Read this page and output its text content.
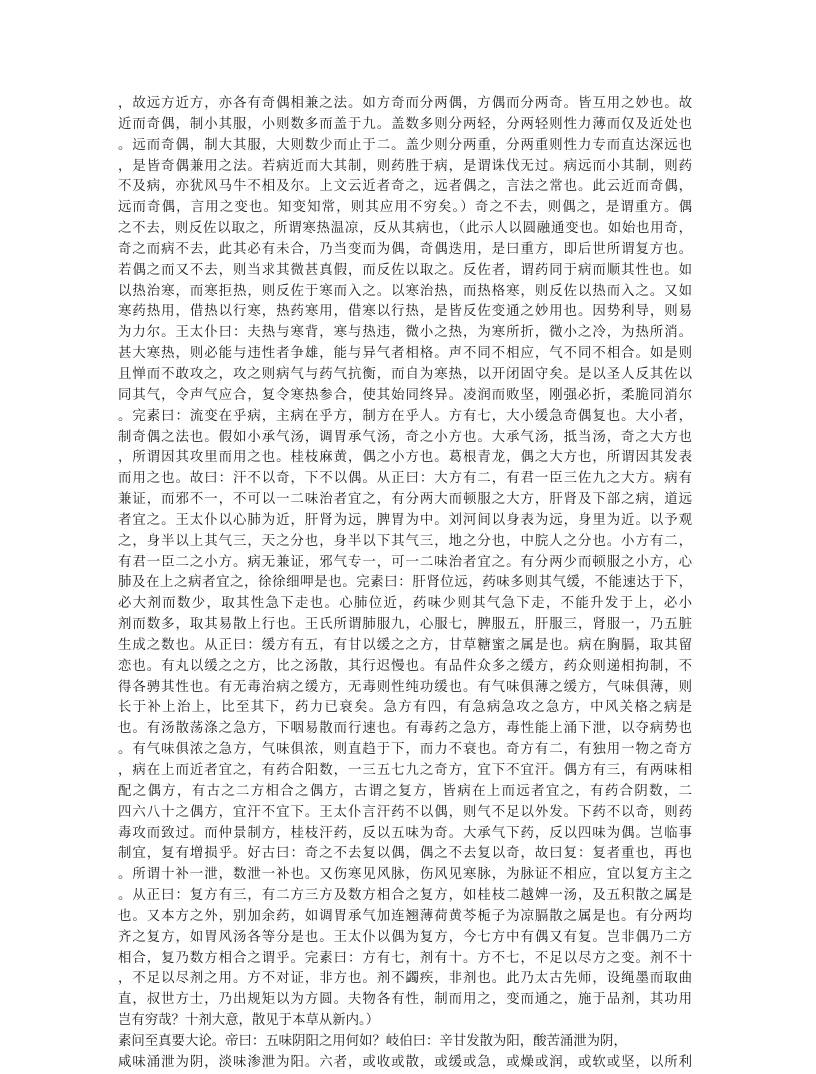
，故远方近方，亦各有奇偶相兼之法。如方奇而分两偶，方偶而分两奇。皆互用之妙也。故
近而奇偶，制小其服，小则数多而盖于九。盖数多则分两轻，分两轻则性力薄而仅及近处也
。远而奇偶，制大其服，大则数少而止于二。盖少则分两重，分两重则性力专而直达深远也
，是皆奇偶兼用之法。若病近而大其制，则药胜于病，是谓诛伐无过。病远而小其制，则药
不及病，亦犹风马牛不相及尔。上文云近者奇之，远者偶之，言法之常也。此云近而奇偶，
远而奇偶，言用之变也。知变知常，则其应用不穷矣。）奇之不去，则偶之，是谓重方。偶
之不去，则反佐以取之，所谓寒热温凉，反从其病也，（此示人以圆融通变也。如始也用奇，
奇之而病不去，此其必有未合，乃当变而为偶，奇偶迭用，是曰重方，即后世所谓复方也。
若偶之而又不去，则当求其微甚真假，而反佐以取之。反佐者，谓药同于病而顺其性也。如
以热治寒，而寒拒热，则反佐于寒而入之。以寒治热，而热格寒，则反佐以热而入之。又如
寒药热用，借热以行寒，热药寒用，借寒以行热，是皆反佐变通之妙用也。因势利导，则易
为力尔。王太仆曰：夫热与寒背，寒与热违，微小之热，为寒所折，微小之冷，为热所消。
甚大寒热，则必能与违性者争雄，能与异气者相格。声不同不相应，气不同不相合。如是则
且惮而不敢攻之，攻之则病气与药气抗衡，而自为寒热，以开闭固守矣。是以圣人反其佐以
同其气，令声气应合，复令寒热参合，使其始同终异。凌润而败坚，刚强必折，柔脆同消尔
。完素曰：流变在乎病，主病在乎方，制方在乎人。方有七，大小缓急奇偶复也。大小者，
制奇偶之法也。假如小承气汤，调胃承气汤，奇之小方也。大承气汤，抵当汤，奇之大方也
，所谓因其攻里而用之也。桂枝麻黄，偶之小方也。葛根青龙，偶之大方也，所谓因其发表
而用之也。故曰：汗不以奇，下不以偶。从正曰：大方有二，有君一臣三佐九之大方。病有
兼证，而邪不一，不可以一二味治者宜之，有分两大而顿服之大方，肝肾及下部之病，道远
者宜之。王太仆以心肺为近，肝肾为远，脾胃为中。刘河间以身表为远，身里为近。以予观
之，身半以上其气三，天之分也，身半以下其气三，地之分也，中脘人之分也。小方有二，
有君一臣二之小方。病无兼证，邪气专一，可一二味治者宜之。有分两少而顿服之小方，心
肺及在上之病者宜之，徐徐细呷是也。完素曰：肝肾位远，药味多则其气缓，不能速达于下，
必大剂而数少，取其性急下走也。心肺位近，药味少则其气急下走，不能升发于上，必小
剂而数多，取其易散上行也。王氏所谓肺服九，心服七，脾服五，肝服三，肾服一，乃五脏
生成之数也。从正曰：缓方有五，有甘以缓之之方，甘草糖蜜之属是也。病在胸膈，取其留
恋也。有丸以缓之之方，比之汤散，其行迟慢也。有品件众多之缓方，药众则递相拘制，不
得各骋其性也。有无毒治病之缓方，无毒则性纯功缓也。有气味俱薄之缓方，气味俱薄，则
长于补上治上，比至其下，药力已衰矣。急方有四，有急病急攻之急方，中风关格之病是
也。有汤散荡涤之急方，下咽易散而行速也。有毒药之急方，毒性能上涌下泄，以夺病势也
。有气味俱浓之急方，气味俱浓，则直趋于下，而力不衰也。奇方有二，有独用一物之奇方
，病在上而近者宜之，有药合阳数，一三五七九之奇方，宜下不宜汗。偶方有三，有两味相
配之偶方，有古之二方相合之偶方，古谓之复方，皆病在上而远者宜之，有药合阴数，二
四六八十之偶方，宜汗不宜下。王太仆言汗药不以偶，则气不足以外发。下药不以奇，则药
毒攻而致过。而仲景制方，桂枝汗药，反以五味为奇。大承气下药，反以四味为偶。岂临事
制宜，复有增损乎。好古曰：奇之不去复以偶，偶之不去复以奇，故曰复：复者重也，再也
。所谓十补一泄，数泄一补也。又伤寒见风脉，伤风见寒脉，为脉证不相应，宜以复方主之
。从正曰：复方有三，有二方三方及数方相合之复方，如桂枝二越婢一汤，及五积散之属是
也。又本方之外，别加余药，如调胃承气加连翘薄荷黄芩栀子为凉膈散之属是也。有分两均
齐之复方，如胃风汤各等分是也。王太仆以偶为复方，今七方中有偶又有复。岂非偶乃二方
相合，复乃数方相合之谓乎。完素曰：方有七，剂有十。方不七，不足以尽方之变。剂不十
，不足以尽剂之用。方不对证，非方也。剂不蠲疾，非剂也。此乃太古先师，设绳墨而取曲
直，叔世方士，乃出规矩以为方圆。夫物各有性，制而用之，变而通之，施于品剂，其功用
岂有穷哉？十剂大意，散见于本草从新内。）
素问至真要大论。帝曰：五味阴阳之用何如？岐伯曰：辛甘发散为阳，酸苦涌泄为阴，
咸味涌泄为阴，淡味渗泄为阳。六者，或收或散，或缓或急，或燥或润，或软或坚，以所利
